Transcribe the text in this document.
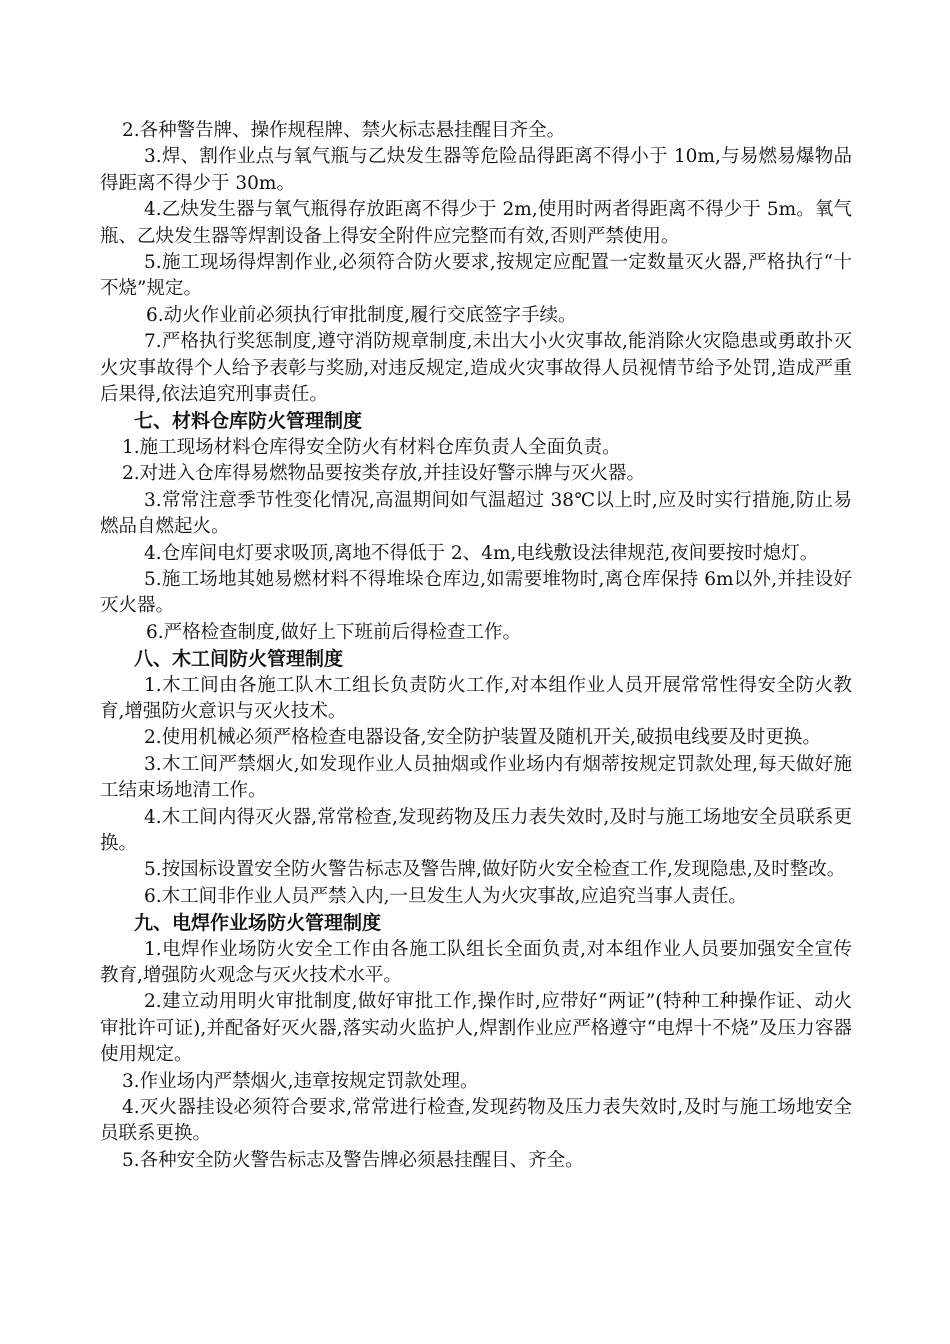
2.各种警告牌、操作规程牌、禁火标志悬挂醒目齐全。

3.焊、割作业点与氧气瓶与乙炔发生器等危险品得距离不得小于 10m,与易燃易爆物品得距离不得少于 30m。

4.乙炔发生器与氧气瓶得存放距离不得少于 2m,使用时两者得距离不得少于 5m。氧气瓶、乙炔发生器等焊割设备上得安全附件应完整而有效,否则严禁使用。

5.施工现场得焊割作业,必须符合防火要求,按规定应配置一定数量灭火器,严格执行“十不烧”规定。

6.动火作业前必须执行审批制度,履行交底签字手续。

7.严格执行奖惩制度,遵守消防规章制度,未出大小火灾事故,能消除火灾隐患或勇敢扑灭火灾事故得个人给予表彰与奖励,对违反规定,造成火灾事故得人员视情节给予处罚,造成严重后果得,依法追究刑事责任。

七、材料仓库防火管理制度

1.施工现场材料仓库得安全防火有材料仓库负责人全面负责。

2.对进入仓库得易燃物品要按类存放,并挂设好警示牌与灭火器。

3.常常注意季节性变化情况,高温期间如气温超过 38℃以上时,应及时实行措施,防止易燃品自燃起火。

4.仓库间电灯要求吸顶,离地不得低于 2、4m,电线敷设法律规范,夜间要按时熄灯。

5.施工场地其她易燃材料不得堆垛仓库边,如需要堆物时,离仓库保持 6m以外,并挂设好灭火器。

6.严格检查制度,做好上下班前后得检查工作。

八、木工间防火管理制度

1.木工间由各施工队木工组长负责防火工作,对本组作业人员开展常常性得安全防火教育,增强防火意识与灭火技术。

2.使用机械必须严格检查电器设备,安全防护装置及随机开关,破损电线要及时更换。

3.木工间严禁烟火,如发现作业人员抽烟或作业场内有烟蒂按规定罚款处理,每天做好施工结束场地清工作。

4.木工间内得灭火器,常常检查,发现药物及压力表失效时,及时与施工场地安全员联系更换。

5.按国标设置安全防火警告标志及警告牌,做好防火安全检查工作,发现隐患,及时整改。

6.木工间非作业人员严禁入内,一旦发生人为火灾事故,应追究当事人责任。

九、电焊作业场防火管理制度

1.电焊作业场防火安全工作由各施工队组长全面负责,对本组作业人员要加强安全宣传教育,增强防火观念与灭火技术水平。

2.建立动用明火审批制度,做好审批工作,操作时,应带好“两证”(特种工种操作证、动火审批许可证),并配备好灭火器,落实动火监护人,焊割作业应严格遵守“电焊十不烧”及压力容器使用规定。

3.作业场内严禁烟火,违章按规定罚款处理。

4.灭火器挂设必须符合要求,常常进行检查,发现药物及压力表失效时,及时与施工场地安全员联系更换。

5.各种安全防火警告标志及警告牌必须悬挂醒目、齐全。
